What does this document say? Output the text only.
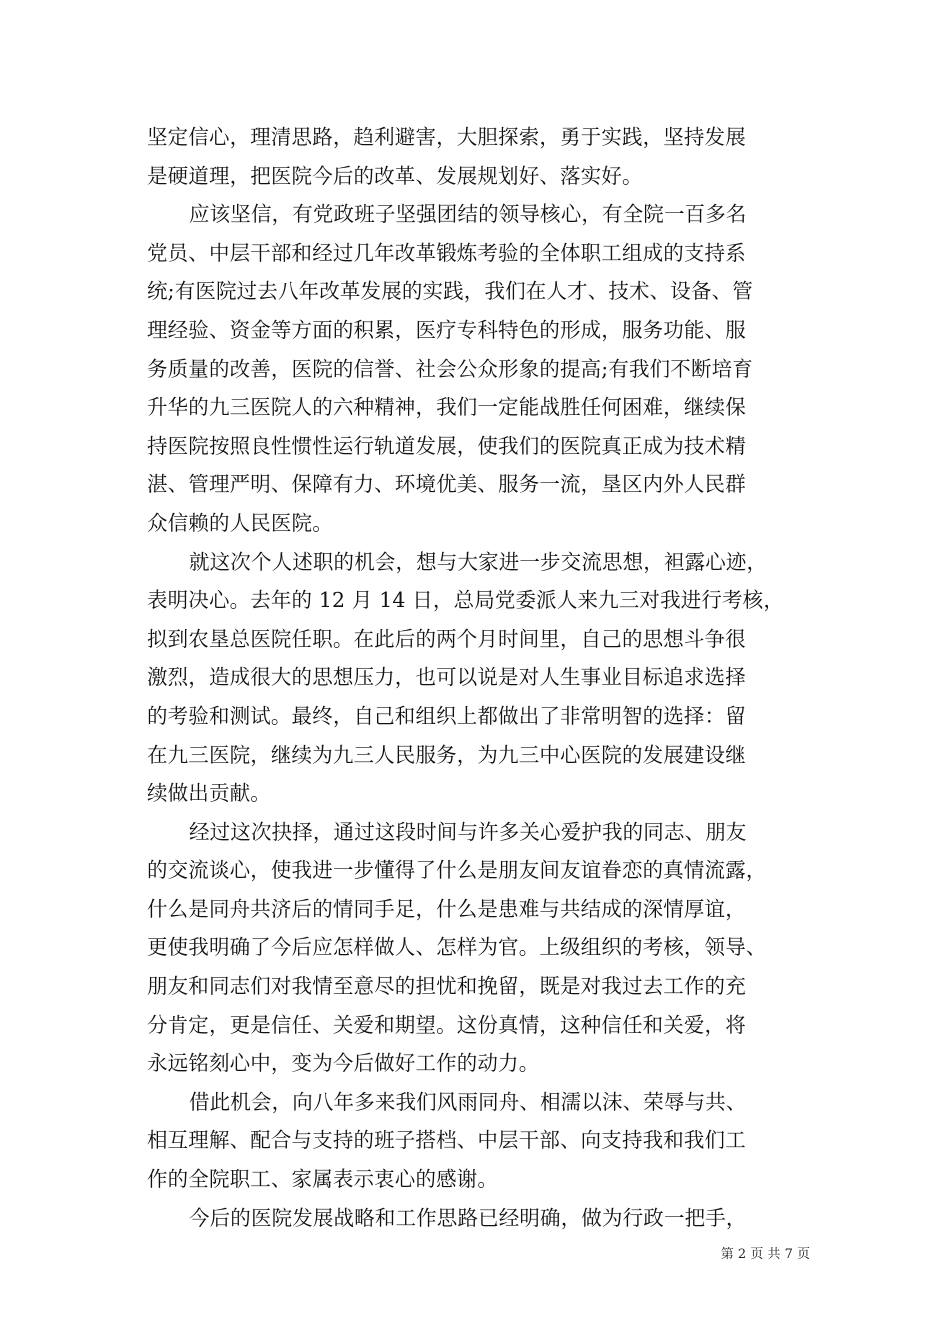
坚定信心，理清思路，趋利避害，大胆探索，勇于实践，坚持发展
是硬道理，把医院今后的改革、发展规划好、落实好。
应该坚信，有党政班子坚强团结的领导核心，有全院一百多名
党员、中层干部和经过几年改革锻炼考验的全体职工组成的支持系
统;有医院过去八年改革发展的实践，我们在人才、技术、设备、管
理经验、资金等方面的积累，医疗专科特色的形成，服务功能、服
务质量的改善，医院的信誉、社会公众形象的提高;有我们不断培育
升华的九三医院人的六种精神，我们一定能战胜任何困难，继续保
持医院按照良性惯性运行轨道发展，使我们的医院真正成为技术精
湛、管理严明、保障有力、环境优美、服务一流，垦区内外人民群
众信赖的人民医院。
就这次个人述职的机会，想与大家进一步交流思想，袒露心迹，
表明决心。去年的 12 月 14 日，总局党委派人来九三对我进行考核，
拟到农垦总医院任职。在此后的两个月时间里，自己的思想斗争很
激烈，造成很大的思想压力，也可以说是对人生事业目标追求选择
的考验和测试。最终，自己和组织上都做出了非常明智的选择：留
在九三医院，继续为九三人民服务，为九三中心医院的发展建设继
续做出贡献。
经过这次抉择，通过这段时间与许多关心爱护我的同志、朋友
的交流谈心，使我进一步懂得了什么是朋友间友谊眷恋的真情流露，
什么是同舟共济后的情同手足，什么是患难与共结成的深情厚谊，
更使我明确了今后应怎样做人、怎样为官。上级组织的考核，领导、
朋友和同志们对我情至意尽的担忧和挽留，既是对我过去工作的充
分肯定，更是信任、关爱和期望。这份真情，这种信任和关爱，将
永远铭刻心中，变为今后做好工作的动力。
借此机会，向八年多来我们风雨同舟、相濡以沫、荣辱与共、
相互理解、配合与支持的班子搭档、中层干部、向支持我和我们工
作的全院职工、家属表示衷心的感谢。
今后的医院发展战略和工作思路已经明确，做为行政一把手，
第 2 页 共 7 页
